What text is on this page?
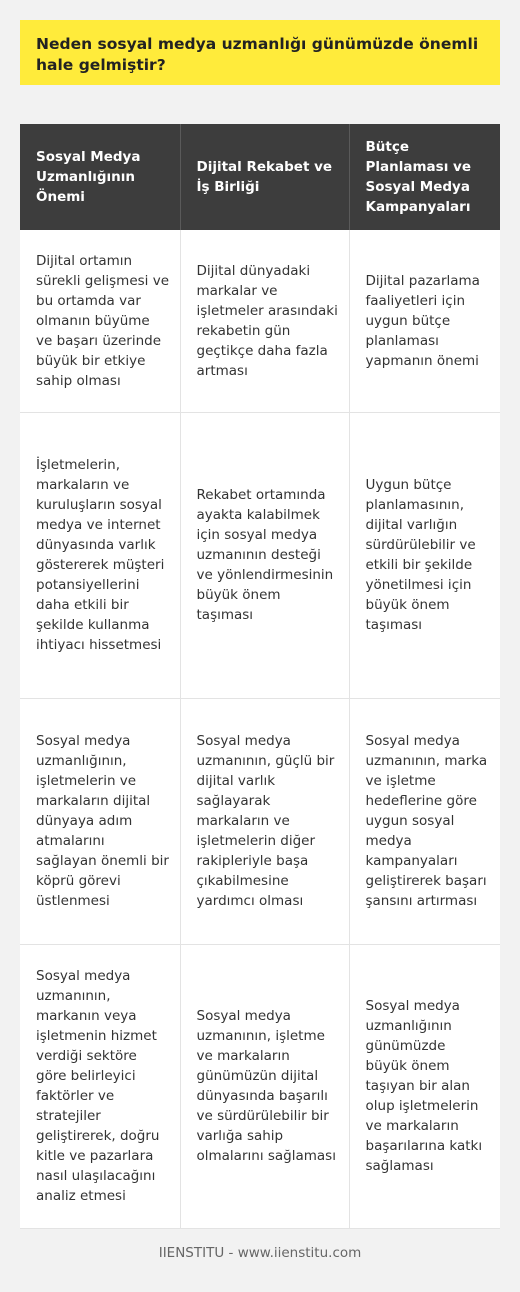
Neden sosyal medya uzmanlığı günümüzde önemli hale gelmiştir?
Sosyal Medya Uzmanlığının Önemi	Dijital Rekabet ve İş Birliği	Bütçe Planlaması ve Sosyal Medya Kampanyaları
Dijital ortamın sürekli gelişmesi ve bu ortamda var olmanın büyüme ve başarı üzerinde büyük bir etkiye sahip olması	Dijital dünyadaki markalar ve işletmeler arasındaki rekabetin gün geçtikçe daha fazla artması	Dijital pazarlama faaliyetleri için uygun bütçe planlaması yapmanın önemi
İşletmelerin, markaların ve kuruluşların sosyal medya ve internet dünyasında varlık göstererek müşteri potansiyellerini daha etkili bir şekilde kullanma ihtiyacı hissetmesi	Rekabet ortamında ayakta kalabilmek için sosyal medya uzmanının desteği ve yönlendirmesinin büyük önem taşıması	Uygun bütçe planlamasının, dijital varlığın sürdürülebilir ve etkili bir şekilde yönetilmesi için büyük önem taşıması
Sosyal medya uzmanlığının, işletmelerin ve markaların dijital dünyaya adım atmalarını sağlayan önemli bir köprü görevi üstlenmesi	Sosyal medya uzmanının, güçlü bir dijital varlık sağlayarak markaların ve işletmelerin diğer rakipleriyle başa çıkabilmesine yardımcı olması	Sosyal medya uzmanının, marka ve işletme hedeflerine göre uygun sosyal medya kampanyaları geliştirerek başarı şansını artırması
Sosyal medya uzmanının, markanın veya işletmenin hizmet verdiği sektöre göre belirleyici faktörler ve stratejiler geliştirerek, doğru kitle ve pazarlara nasıl ulaşılacağını analiz etmesi	Sosyal medya uzmanının, işletme ve markaların günümüzün dijital dünyasında başarılı ve sürdürülebilir bir varlığa sahip olmalarını sağlaması	Sosyal medya uzmanlığının günümüzde büyük önem taşıyan bir alan olup işletmelerin ve markaların başarılarına katkı sağlaması
IIENSTITU - www.iienstitu.com
